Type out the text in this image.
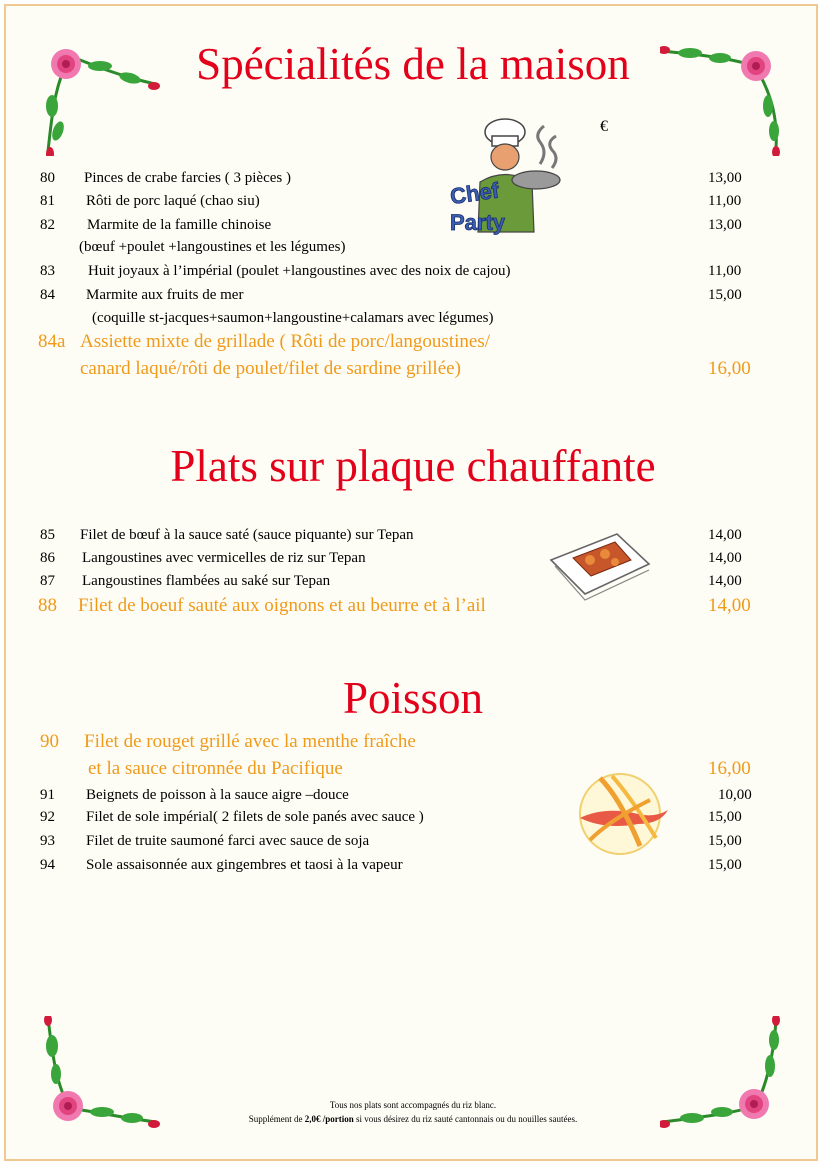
Spécialités de la maison
€
Chef
Party
80 Pinces de crabe farcies ( 3 pièces )	13,00
81 Rôti de porc laqué (chao siu)	11,00
82 Marmite de la famille chinoise	13,00
(bœuf +poulet +langoustines et les légumes)
83 Huit joyaux à l’impérial (poulet +langoustines avec des noix de cajou)	11,00
84 Marmite aux fruits de mer	15,00
(coquille st-jacques+saumon+langoustine+calamars avec légumes)
84a Assiette mixte de grillade ( Rôti de porc/langoustines/
canard laqué/rôti de poulet/filet de sardine grillée)	16,00
Plats sur plaque chauffante
85 Filet de bœuf à la sauce saté (sauce piquante) sur Tepan	14,00
86 Langoustines avec vermicelles de riz sur Tepan	14,00
87 Langoustines flambées au saké sur Tepan	14,00
88 Filet de boeuf sauté aux oignons et au beurre et à l’ail	14,00
Poisson
90 Filet de rouget grillé avec la menthe fraîche
et la sauce citronnée du Pacifique	16,00
91 Beignets de poisson à la sauce aigre –douce	10,00
92 Filet de sole impérial( 2 filets de sole panés avec sauce )	15,00
93 Filet de truite saumoné farci avec sauce de soja	15,00
94 Sole assaisonnée aux gingembres et taosi à la vapeur	15,00
Tous nos plats sont accompagnés du riz blanc.
Supplément de 2,0€ /portion si vous désirez du riz sauté cantonnais ou du nouilles sautées.
